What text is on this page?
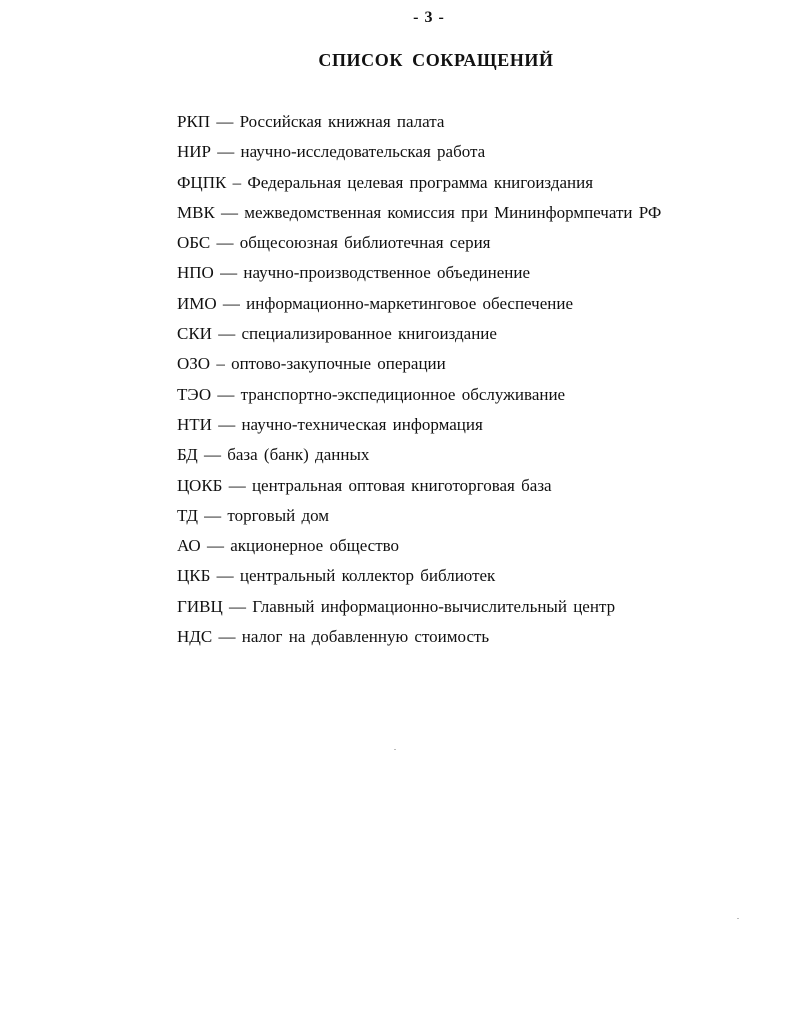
- 3 -
СПИСОК СОКРАЩЕНИЙ
РКП — Российская книжная палата
НИР — научно-исследовательская работа
ФЦПК – Федеральная целевая программа книгоиздания
МВК — межведомственная комиссия при Мининформпечати РФ
ОБС — общесоюзная библиотечная серия
НПО — научно-производственное объединение
ИМО — информационно-маркетинговое обеспечение
СКИ — специализированное книгоиздание
ОЗО – оптово-закупочные операции
ТЭО — транспортно-экспедиционное обслуживание
НТИ — научно-техническая информация
БД — база (банк) данных
ЦОКБ — центральная оптовая книготорговая база
ТД — торговый дом
АО — акционерное общество
ЦКБ — центральный коллектор библиотек
ГИВЦ — Главный информационно-вычислительный центр
НДС — налог на добавленную стоимость
